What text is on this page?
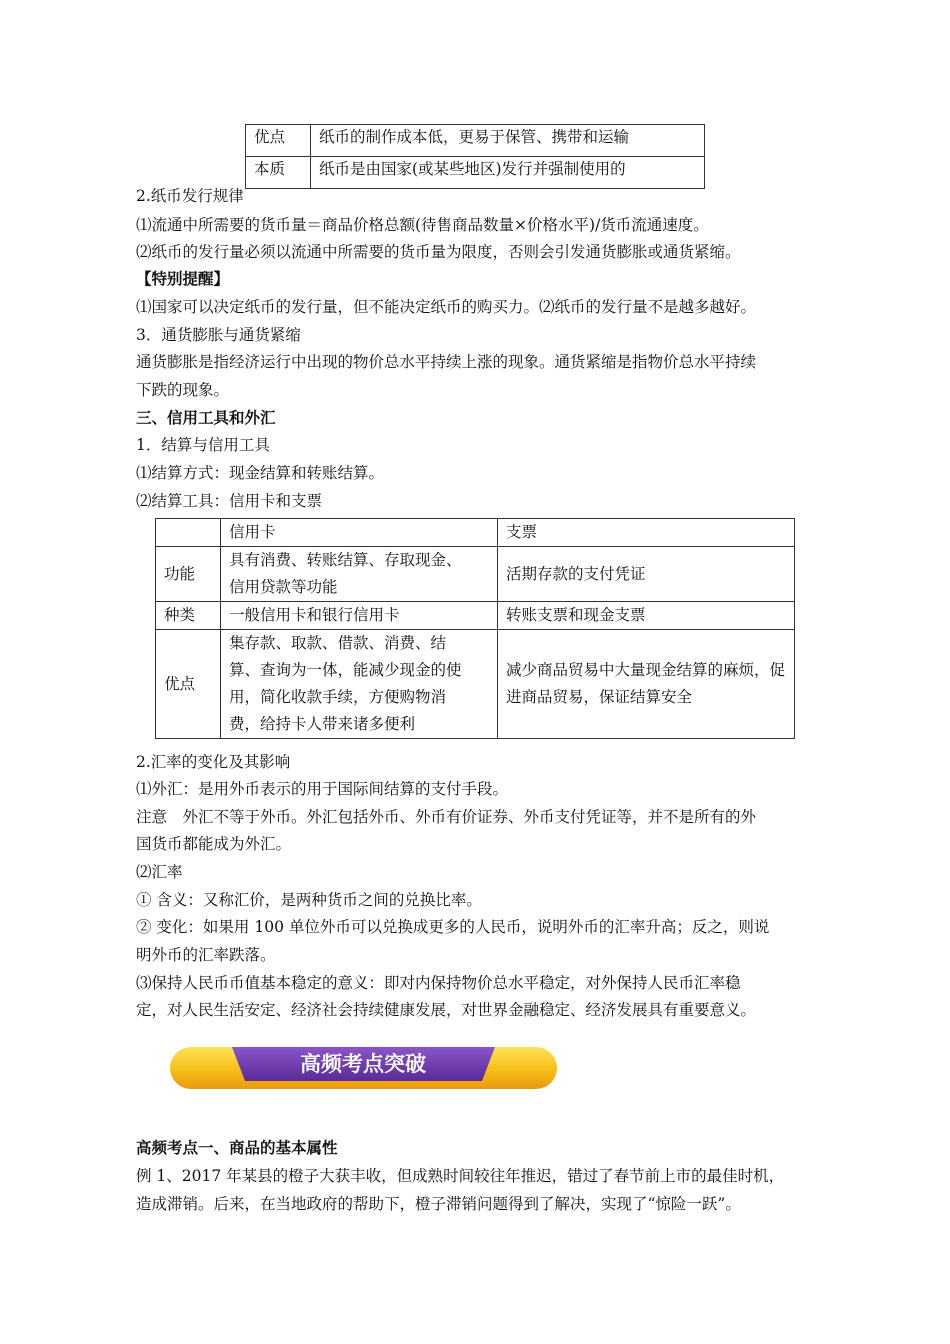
优点	纸币的制作成本低，更易于保管、携带和运输
本质	纸币是由国家(或某些地区)发行并强制使用的
2.纸币发行规律
⑴流通中所需要的货币量＝商品价格总额(待售商品数量×价格水平)/货币流通速度。
⑵纸币的发行量必须以流通中所需要的货币量为限度，否则会引发通货膨胀或通货紧缩。
【特别提醒】
⑴国家可以决定纸币的发行量，但不能决定纸币的购买力。⑵纸币的发行量不是越多越好。
3．通货膨胀与通货紧缩
通货膨胀是指经济运行中出现的物价总水平持续上涨的现象。通货紧缩是指物价总水平持续
下跌的现象。
三、信用工具和外汇
1．结算与信用工具
⑴结算方式：现金结算和转账结算。
⑵结算工具：信用卡和支票
	信用卡	支票
功能	具有消费、转账结算、存取现金、
信用贷款等功能	活期存款的支付凭证
种类	一般信用卡和银行信用卡	转账支票和现金支票
优点	集存款、取款、借款、消费、结
算、查询为一体，能减少现金的使
用，简化收款手续，方便购物消
费，给持卡人带来诸多便利	减少商品贸易中大量现金结算的麻烦，促进商品贸易，保证结算安全
2.汇率的变化及其影响
⑴外汇：是用外币表示的用于国际间结算的支付手段。
注意　外汇不等于外币。外汇包括外币、外币有价证券、外币支付凭证等，并不是所有的外
国货币都能成为外汇。
⑵汇率
① 含义：又称汇价，是两种货币之间的兑换比率。
② 变化：如果用 100 单位外币可以兑换成更多的人民币，说明外币的汇率升高；反之，则说
明外币的汇率跌落。
⑶保持人民币币值基本稳定的意义：即对内保持物价总水平稳定，对外保持人民币汇率稳
定，对人民生活安定、经济社会持续健康发展，对世界金融稳定、经济发展具有重要意义。
高频考点突破
高频考点一、商品的基本属性
例 1、2017 年某县的橙子大获丰收，但成熟时间较往年推迟，错过了春节前上市的最佳时机，
造成滞销。后来，在当地政府的帮助下，橙子滞销问题得到了解决，实现了“惊险一跃”。
